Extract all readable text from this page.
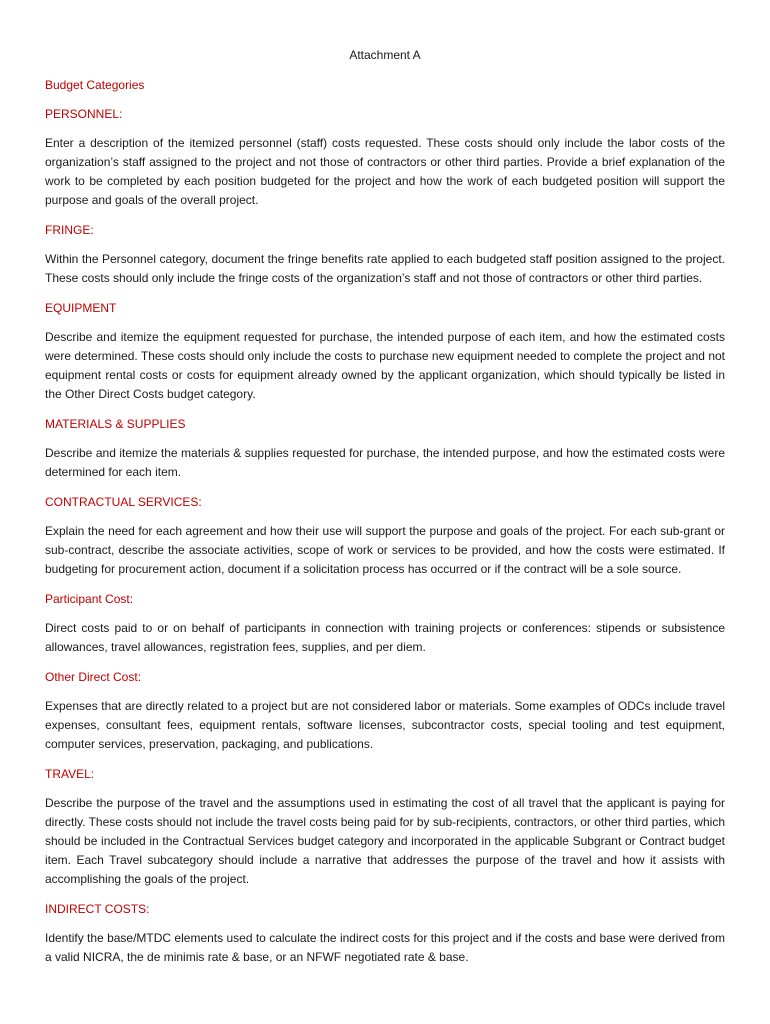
Attachment A
Budget Categories
PERSONNEL:
Enter a description of the itemized personnel (staff) costs requested. These costs should only include the labor costs of the organization’s staff assigned to the project and not those of contractors or other third parties. Provide a brief explanation of the work to be completed by each position budgeted for the project and how the work of each budgeted position will support the purpose and goals of the overall project.
FRINGE:
Within the Personnel category, document the fringe benefits rate applied to each budgeted staff position assigned to the project. These costs should only include the fringe costs of the organization’s staff and not those of contractors or other third parties.
EQUIPMENT
Describe and itemize the equipment requested for purchase, the intended purpose of each item, and how the estimated costs were determined. These costs should only include the costs to purchase new equipment needed to complete the project and not equipment rental costs or costs for equipment already owned by the applicant organization, which should typically be listed in the Other Direct Costs budget category.
MATERIALS & SUPPLIES
Describe and itemize the materials & supplies requested for purchase, the intended purpose, and how the estimated costs were determined for each item.
CONTRACTUAL SERVICES:
Explain the need for each agreement and how their use will support the purpose and goals of the project. For each sub-grant or sub-contract, describe the associate activities, scope of work or services to be provided, and how the costs were estimated. If budgeting for procurement action, document if a solicitation process has occurred or if the contract will be a sole source.
Participant Cost:
Direct costs paid to or on behalf of participants in connection with training projects or conferences: stipends or subsistence allowances, travel allowances, registration fees, supplies, and per diem.
Other Direct Cost:
Expenses that are directly related to a project but are not considered labor or materials. Some examples of ODCs include travel expenses, consultant fees, equipment rentals, software licenses, subcontractor costs, special tooling and test equipment, computer services, preservation, packaging, and publications.
TRAVEL:
Describe the purpose of the travel and the assumptions used in estimating the cost of all travel that the applicant is paying for directly. These costs should not include the travel costs being paid for by sub-recipients, contractors, or other third parties, which should be included in the Contractual Services budget category and incorporated in the applicable Subgrant or Contract budget item. Each Travel subcategory should include a narrative that addresses the purpose of the travel and how it assists with accomplishing the goals of the project.
INDIRECT COSTS:
Identify the base/MTDC elements used to calculate the indirect costs for this project and if the costs and base were derived from a valid NICRA, the de minimis rate & base, or an NFWF negotiated rate & base.
